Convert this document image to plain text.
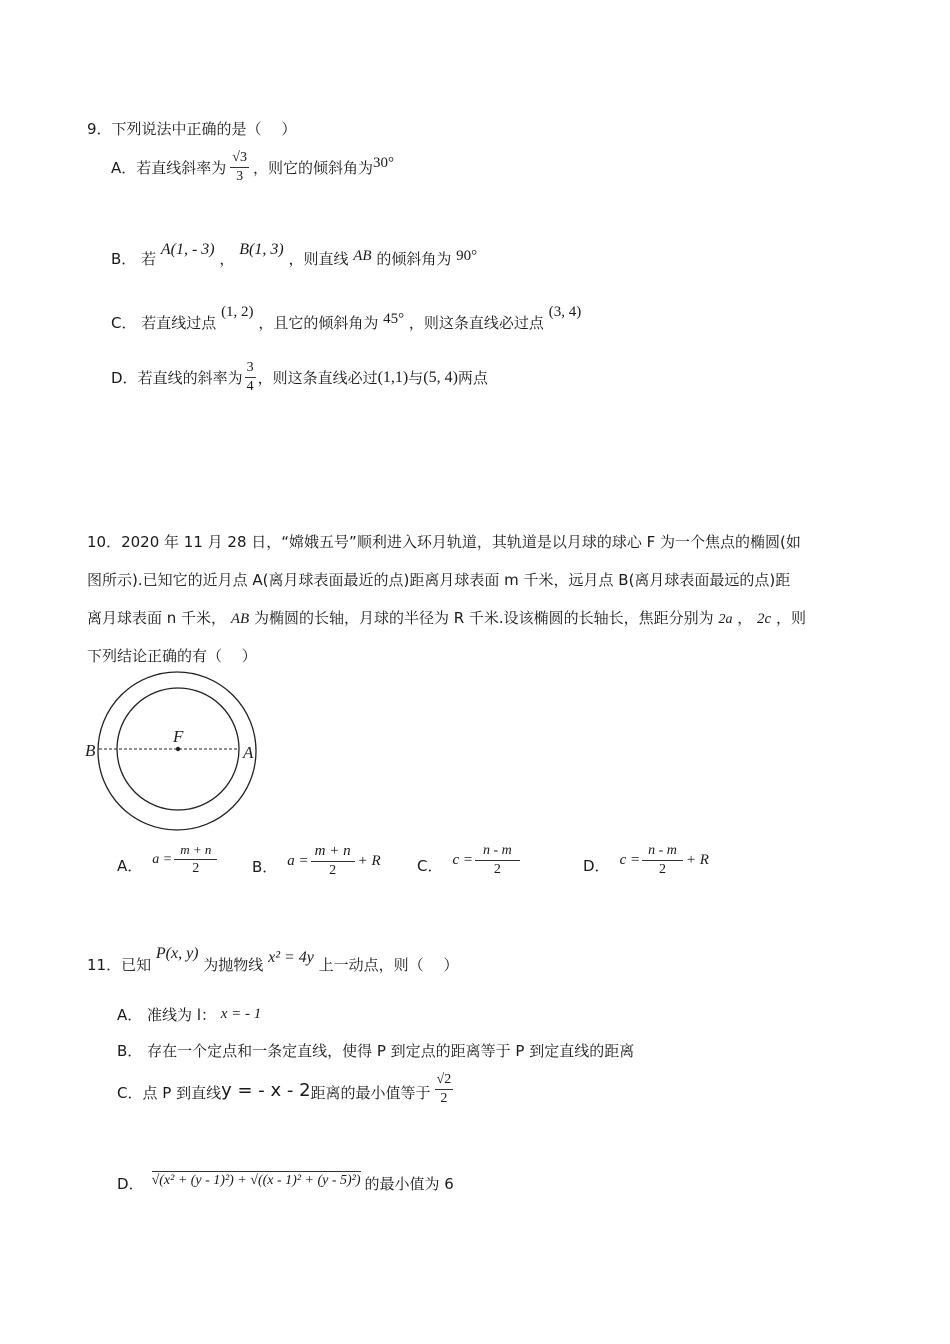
9．下列说法中正确的是（　 ）
A． 若直线斜率为 $\frac{√3}{3}$ ，则它的倾斜角为 30°
B． 若 A(1, - 3) ， B(1, 3) ，则直线 AB 的倾斜角为 90°
C． 若直线过点 (1, 2) ，且它的倾斜角为 45° ，则这条直线必过点 (3, 4)
D． 若直线的斜率为 $\frac{3}{4}$ ，则这条直线必过 (1,1) 与 (5, 4) 两点
10．2020 年 11 月 28 日，“嫦娥五号”顺利进入环月轨道，其轨道是以月球的球心 F 为一个焦点的椭圆(如
图所示).已知它的近月点 A(离月球表面最近的点)距离月球表面 m 千米，远月点 B(离月球表面最远的点)距
离月球表面 n 千米， AB 为椭圆的长轴，月球的半径为 R 千米.设该椭圆的长轴长，焦距分别为 2a ， 2c ，则
下列结论正确的有（　 ）
F
B	A
A． $a = \frac{m + n}{2}$ B． $a = \frac{m + n}{2} + R$ C． $c = \frac{n - m}{2}$	D． $c = \frac{n - m}{2} + R$
11．已知 P(x, y) 为抛物线 x² = 4y 上一动点，则（　 ）
A． 准线为 l： x = - 1
B． 存在一个定点和一条定直线，使得 P 到定点的距离等于 P 到定直线的距离
C． 点 P 到直线 y = - x - 2 距离的最小值等于 $\frac{√2}{2}$
D． √(x² + (y - 1)²) + √((x - 1)² + (y - 5)²) 的最小值为 6
